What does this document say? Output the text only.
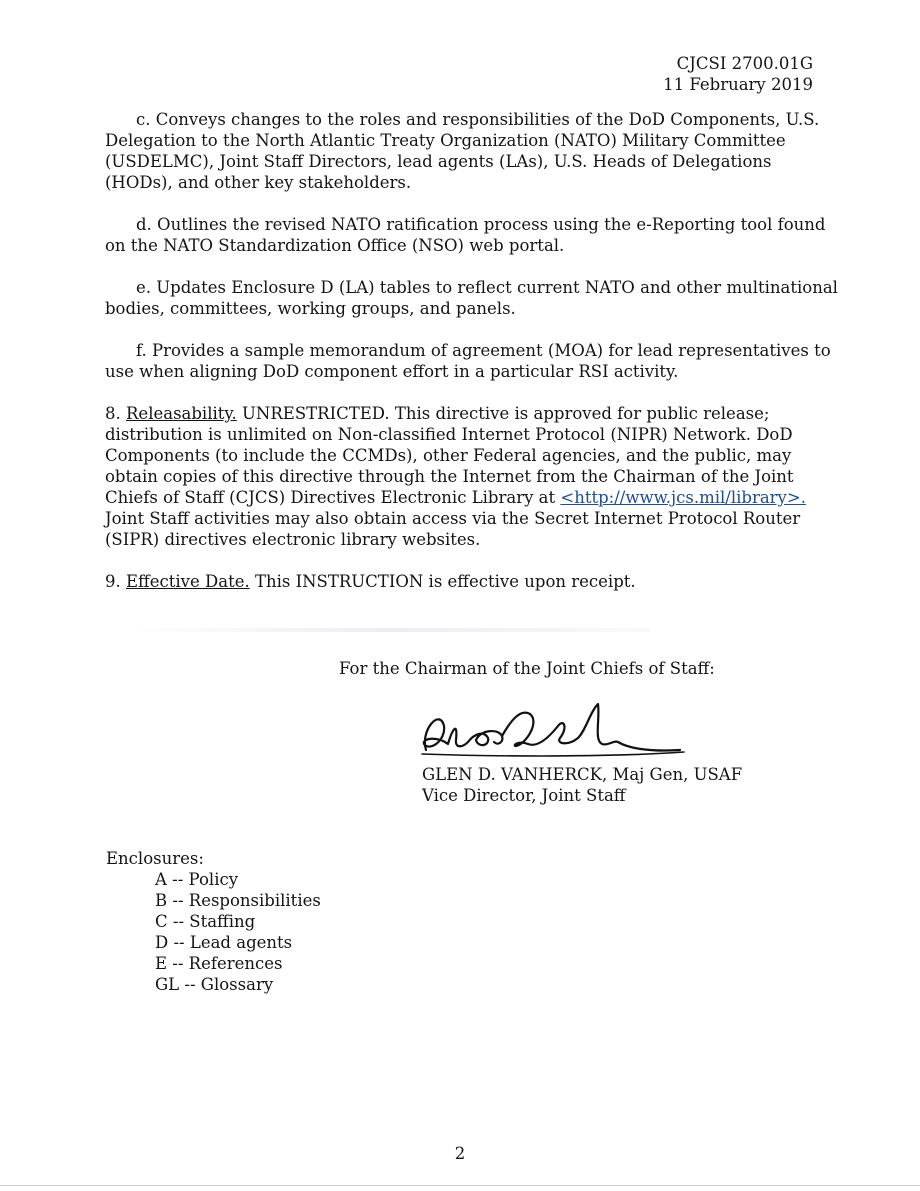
CJCSI 2700.01G
11 February 2019

c. Conveys changes to the roles and responsibilities of the DoD Components, U.S. Delegation to the North Atlantic Treaty Organization (NATO) Military Committee (USDELMC), Joint Staff Directors, lead agents (LAs), U.S. Heads of Delegations (HODs), and other key stakeholders.

d. Outlines the revised NATO ratification process using the e-Reporting tool found on the NATO Standardization Office (NSO) web portal.

e. Updates Enclosure D (LA) tables to reflect current NATO and other multinational bodies, committees, working groups, and panels.

f. Provides a sample memorandum of agreement (MOA) for lead representatives to use when aligning DoD component effort in a particular RSI activity.

8. Releasability. UNRESTRICTED. This directive is approved for public release; distribution is unlimited on Non-classified Internet Protocol (NIPR) Network. DoD Components (to include the CCMDs), other Federal agencies, and the public, may obtain copies of this directive through the Internet from the Chairman of the Joint Chiefs of Staff (CJCS) Directives Electronic Library at <http://www.jcs.mil/library>. Joint Staff activities may also obtain access via the Secret Internet Protocol Router (SIPR) directives electronic library websites.

9. Effective Date. This INSTRUCTION is effective upon receipt.

For the Chairman of the Joint Chiefs of Staff:
GLEN D. VANHERCK, Maj Gen, USAF
Vice Director, Joint Staff
Enclosures:
A -- Policy
B -- Responsibilities
C -- Staffing
D -- Lead agents
E -- References
GL -- Glossary
2
